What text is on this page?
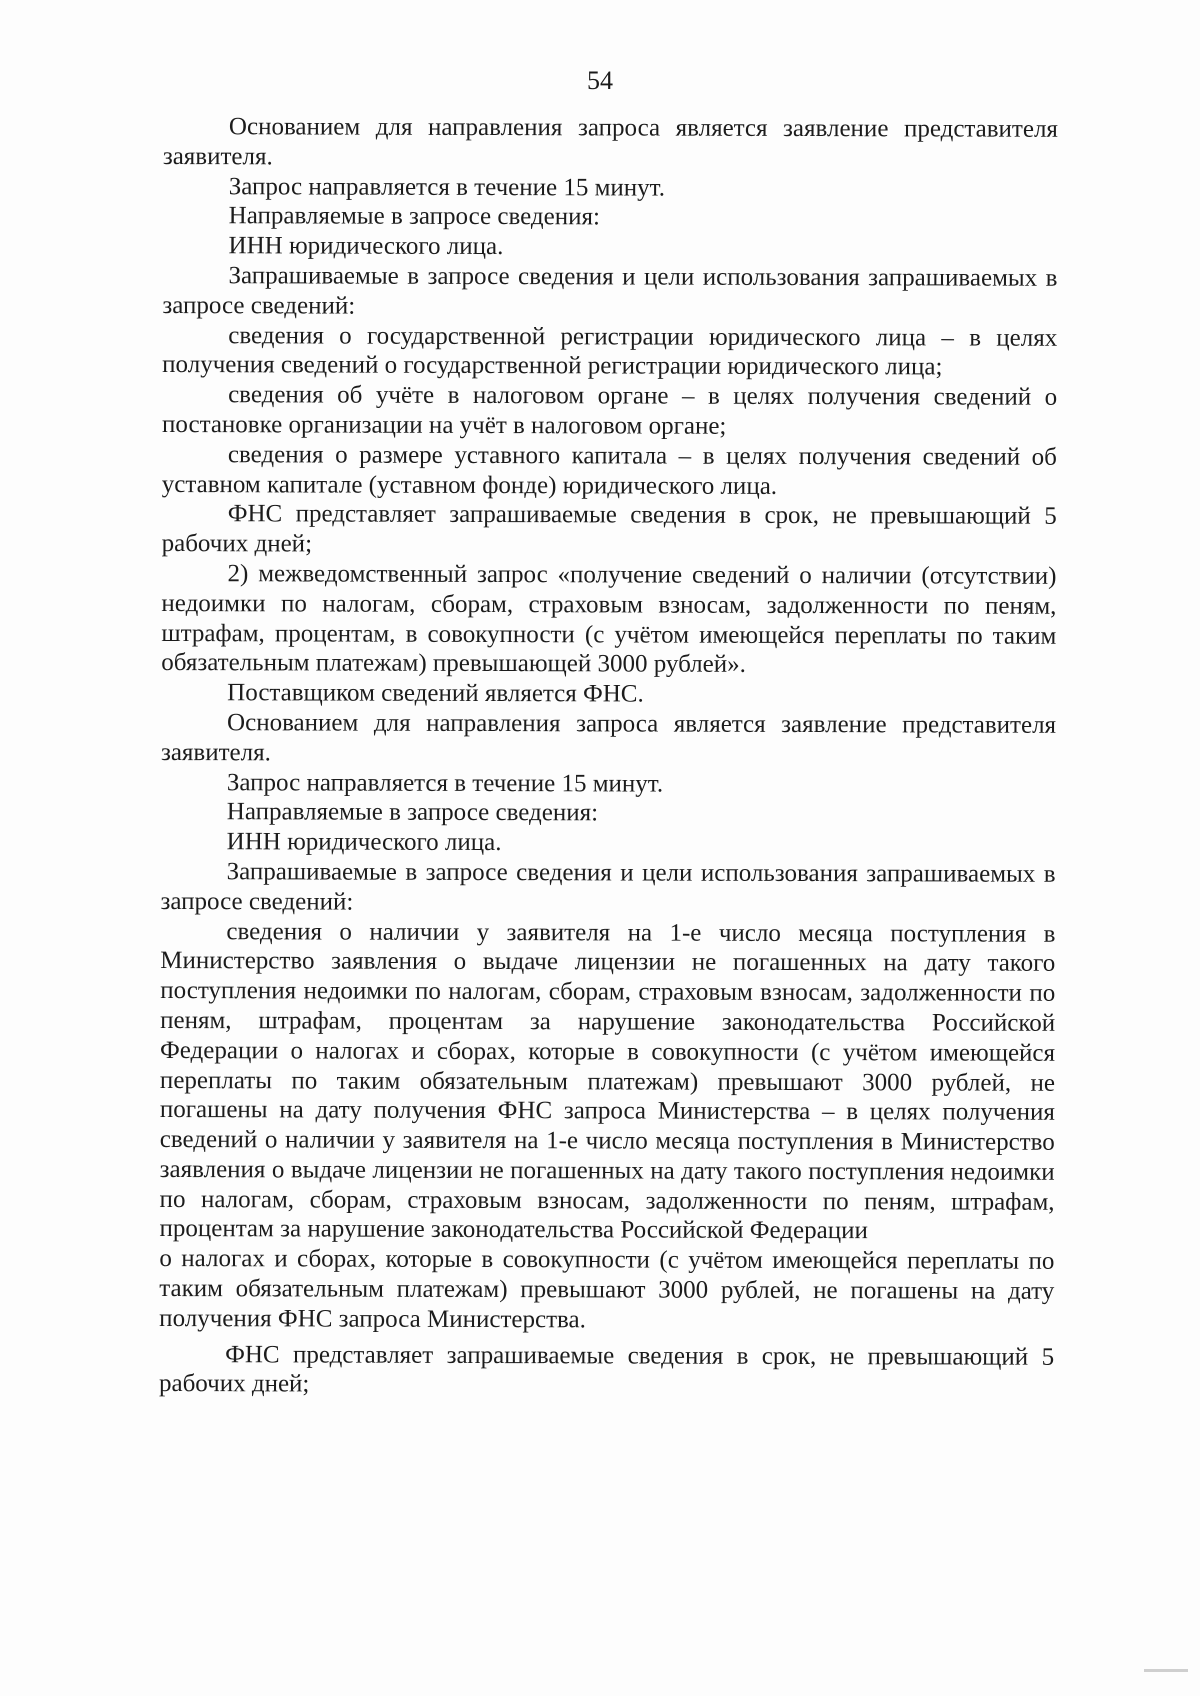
54

Основанием для направления запроса является заявление представителя заявителя.

Запрос направляется в течение 15 минут.

Направляемые в запросе сведения:

ИНН юридического лица.

Запрашиваемые в запросе сведения и цели использования запрашиваемых в запросе сведений:

сведения о государственной регистрации юридического лица – в целях получения сведений о государственной регистрации юридического лица;

сведения об учёте в налоговом органе – в целях получения сведений о постановке организации на учёт в налоговом органе;

сведения о размере уставного капитала – в целях получения сведений об уставном капитале (уставном фонде) юридического лица.

ФНС представляет запрашиваемые сведения в срок, не превышающий 5 рабочих дней;

2) межведомственный запрос «получение сведений о наличии (отсутствии) недоимки по налогам, сборам, страховым взносам, задолженности по пеням, штрафам, процентам, в совокупности (с учётом имеющейся переплаты по таким обязательным платежам) превышающей 3000 рублей».

Поставщиком сведений является ФНС.

Основанием для направления запроса является заявление представителя заявителя.

Запрос направляется в течение 15 минут.

Направляемые в запросе сведения:

ИНН юридического лица.

Запрашиваемые в запросе сведения и цели использования запрашиваемых в запросе сведений:

сведения о наличии у заявителя на 1-е число месяца поступления в Министерство заявления о выдаче лицензии не погашенных на дату такого поступления недоимки по налогам, сборам, страховым взносам, задолженности по пеням, штрафам, процентам за нарушение законодательства Российской Федерации о налогах и сборах, которые в совокупности (с учётом имеющейся переплаты по таким обязательным платежам) превышают 3000 рублей, не погашены на дату получения ФНС запроса Министерства – в целях получения сведений о наличии у заявителя на 1-е число месяца поступления в Министерство заявления о выдаче лицензии не погашенных на дату такого поступления недоимки по налогам, сборам, страховым взносам, задолженности по пеням, штрафам, процентам за нарушение законодательства Российской Федерации

о налогах и сборах, которые в совокупности (с учётом имеющейся переплаты по таким обязательным платежам) превышают 3000 рублей, не погашены на дату получения ФНС запроса Министерства.

ФНС представляет запрашиваемые сведения в срок, не превышающий 5 рабочих дней;
